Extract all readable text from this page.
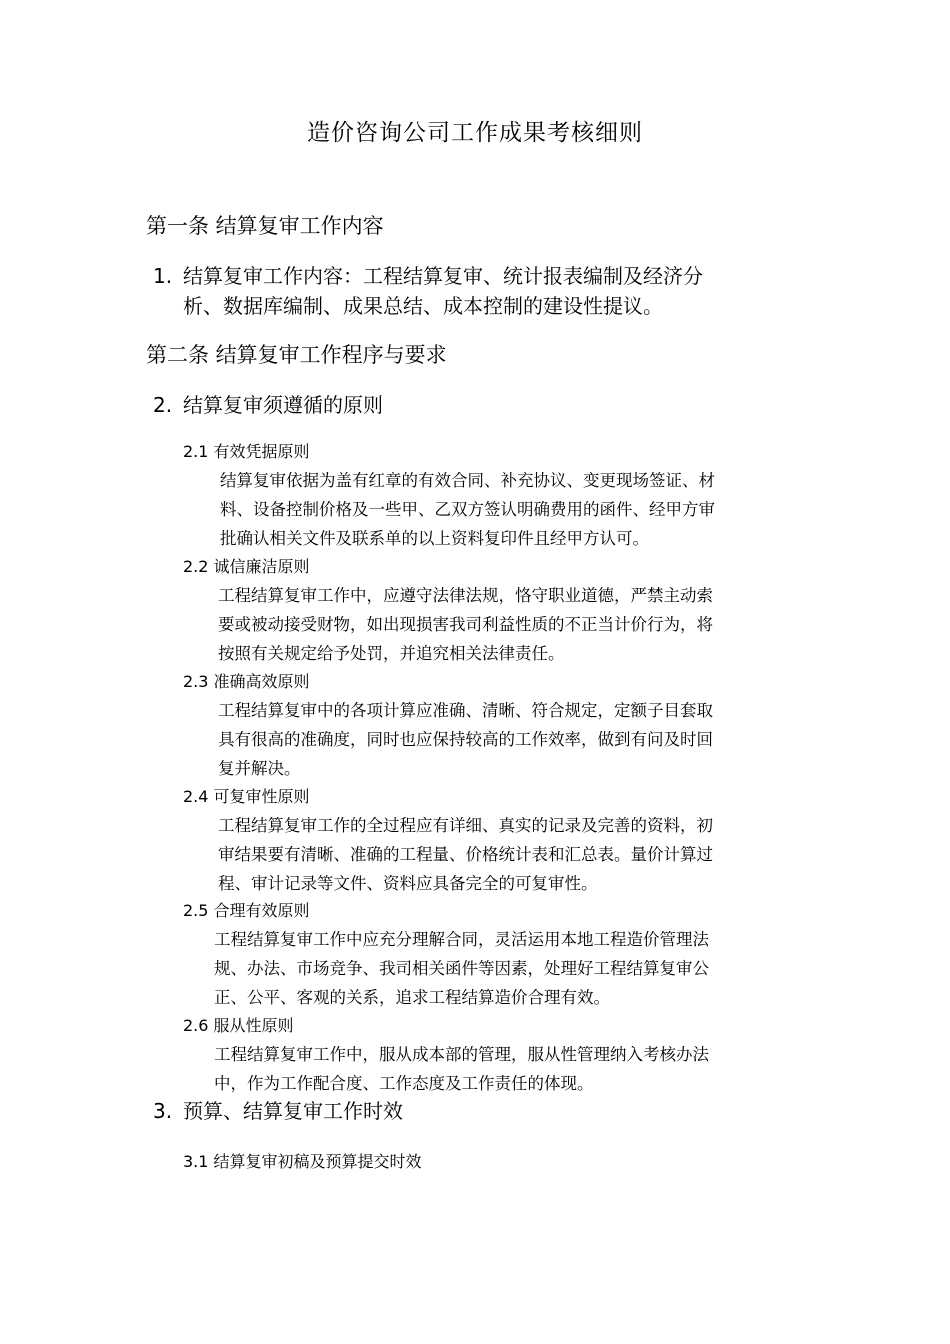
造价咨询公司工作成果考核细则
第一条 结算复审工作内容
1. 结算复审工作内容：工程结算复审、统计报表编制及经济分
析、数据库编制、成果总结、成本控制的建设性提议。
第二条 结算复审工作程序与要求
2. 结算复审须遵循的原则
2.1 有效凭据原则
结算复审依据为盖有红章的有效合同、补充协议、变更现场签证、材
料、设备控制价格及一些甲、乙双方签认明确费用的函件、经甲方审
批确认相关文件及联系单的以上资料复印件且经甲方认可。
2.2 诚信廉洁原则
工程结算复审工作中，应遵守法律法规，恪守职业道德，严禁主动索
要或被动接受财物，如出现损害我司利益性质的不正当计价行为，将
按照有关规定给予处罚，并追究相关法律责任。
2.3 准确高效原则
工程结算复审中的各项计算应准确、清晰、符合规定，定额子目套取
具有很高的准确度，同时也应保持较高的工作效率，做到有问及时回
复并解决。
2.4 可复审性原则
工程结算复审工作的全过程应有详细、真实的记录及完善的资料，初
审结果要有清晰、准确的工程量、价格统计表和汇总表。量价计算过
程、审计记录等文件、资料应具备完全的可复审性。
2.5 合理有效原则
工程结算复审工作中应充分理解合同，灵活运用本地工程造价管理法
规、办法、市场竞争、我司相关函件等因素，处理好工程结算复审公
正、公平、客观的关系，追求工程结算造价合理有效。
2.6 服从性原则
工程结算复审工作中，服从成本部的管理，服从性管理纳入考核办法
中，作为工作配合度、工作态度及工作责任的体现。
3. 预算、结算复审工作时效
3.1 结算复审初稿及预算提交时效
